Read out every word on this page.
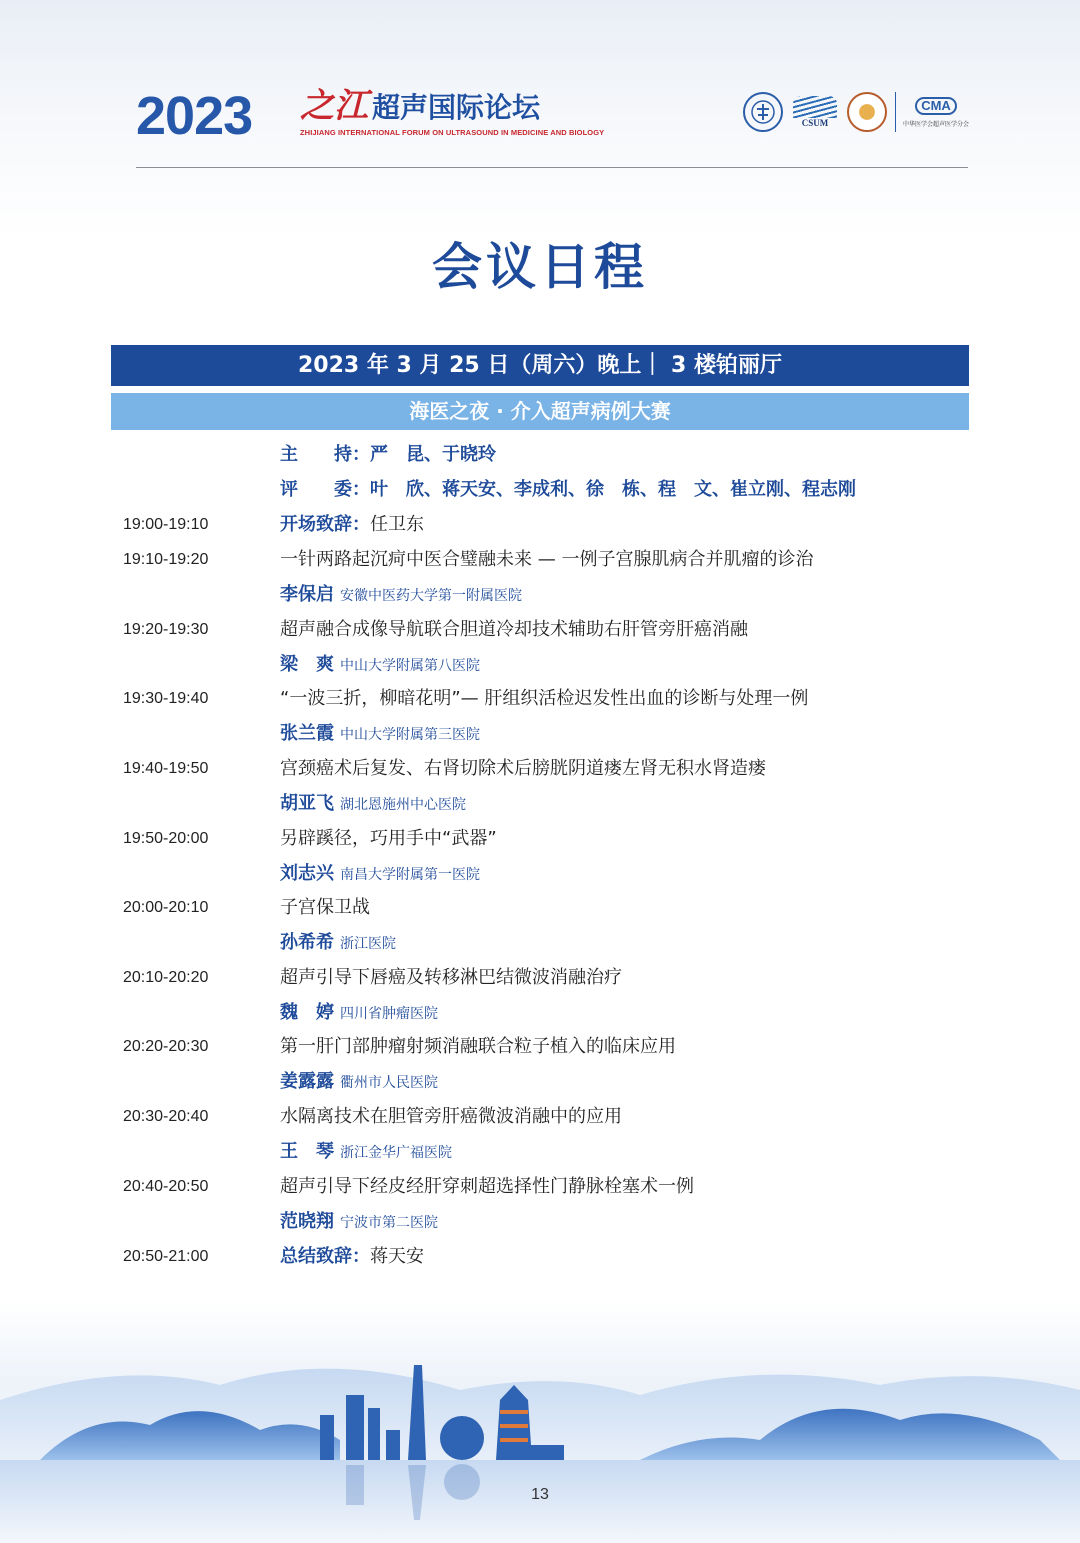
2023 之江 超声国际论坛
ZHIJIANG INTERNATIONAL FORUM ON ULTRASOUND IN MEDICINE AND BIOLOGY
CSUM
CMA
中华医学会超声医学分会
会议日程
2023 年 3 月 25 日（周六）晚上｜ 3 楼铂丽厅
海医之夜 · 介入超声病例大赛
主　　持：严　昆、于晓玲
评　　委：叶　欣、蒋天安、李成利、徐　栋、程　文、崔立刚、程志刚
19:00-19:10	开场致辞：任卫东
19:10-19:20	一针两路起沉疴中医合璧融未来 — 一例子宫腺肌病合并肌瘤的诊治
李保启 安徽中医药大学第一附属医院
19:20-19:30	超声融合成像导航联合胆道冷却技术辅助右肝管旁肝癌消融
梁　爽 中山大学附属第八医院
19:30-19:40	“一波三折，柳暗花明”— 肝组织活检迟发性出血的诊断与处理一例
张兰霞 中山大学附属第三医院
19:40-19:50	宫颈癌术后复发、右肾切除术后膀胱阴道瘘左肾无积水肾造瘘
胡亚飞 湖北恩施州中心医院
19:50-20:00	另辟蹊径，巧用手中“武器”
刘志兴 南昌大学附属第一医院
20:00-20:10	子宫保卫战
孙希希 浙江医院
20:10-20:20	超声引导下唇癌及转移淋巴结微波消融治疗
魏　婷 四川省肿瘤医院
20:20-20:30	第一肝门部肿瘤射频消融联合粒子植入的临床应用
姜露露 衢州市人民医院
20:30-20:40	水隔离技术在胆管旁肝癌微波消融中的应用
王　琴 浙江金华广福医院
20:40-20:50	超声引导下经皮经肝穿刺超选择性门静脉栓塞术一例
范晓翔 宁波市第二医院
20:50-21:00	总结致辞：蒋天安
13
